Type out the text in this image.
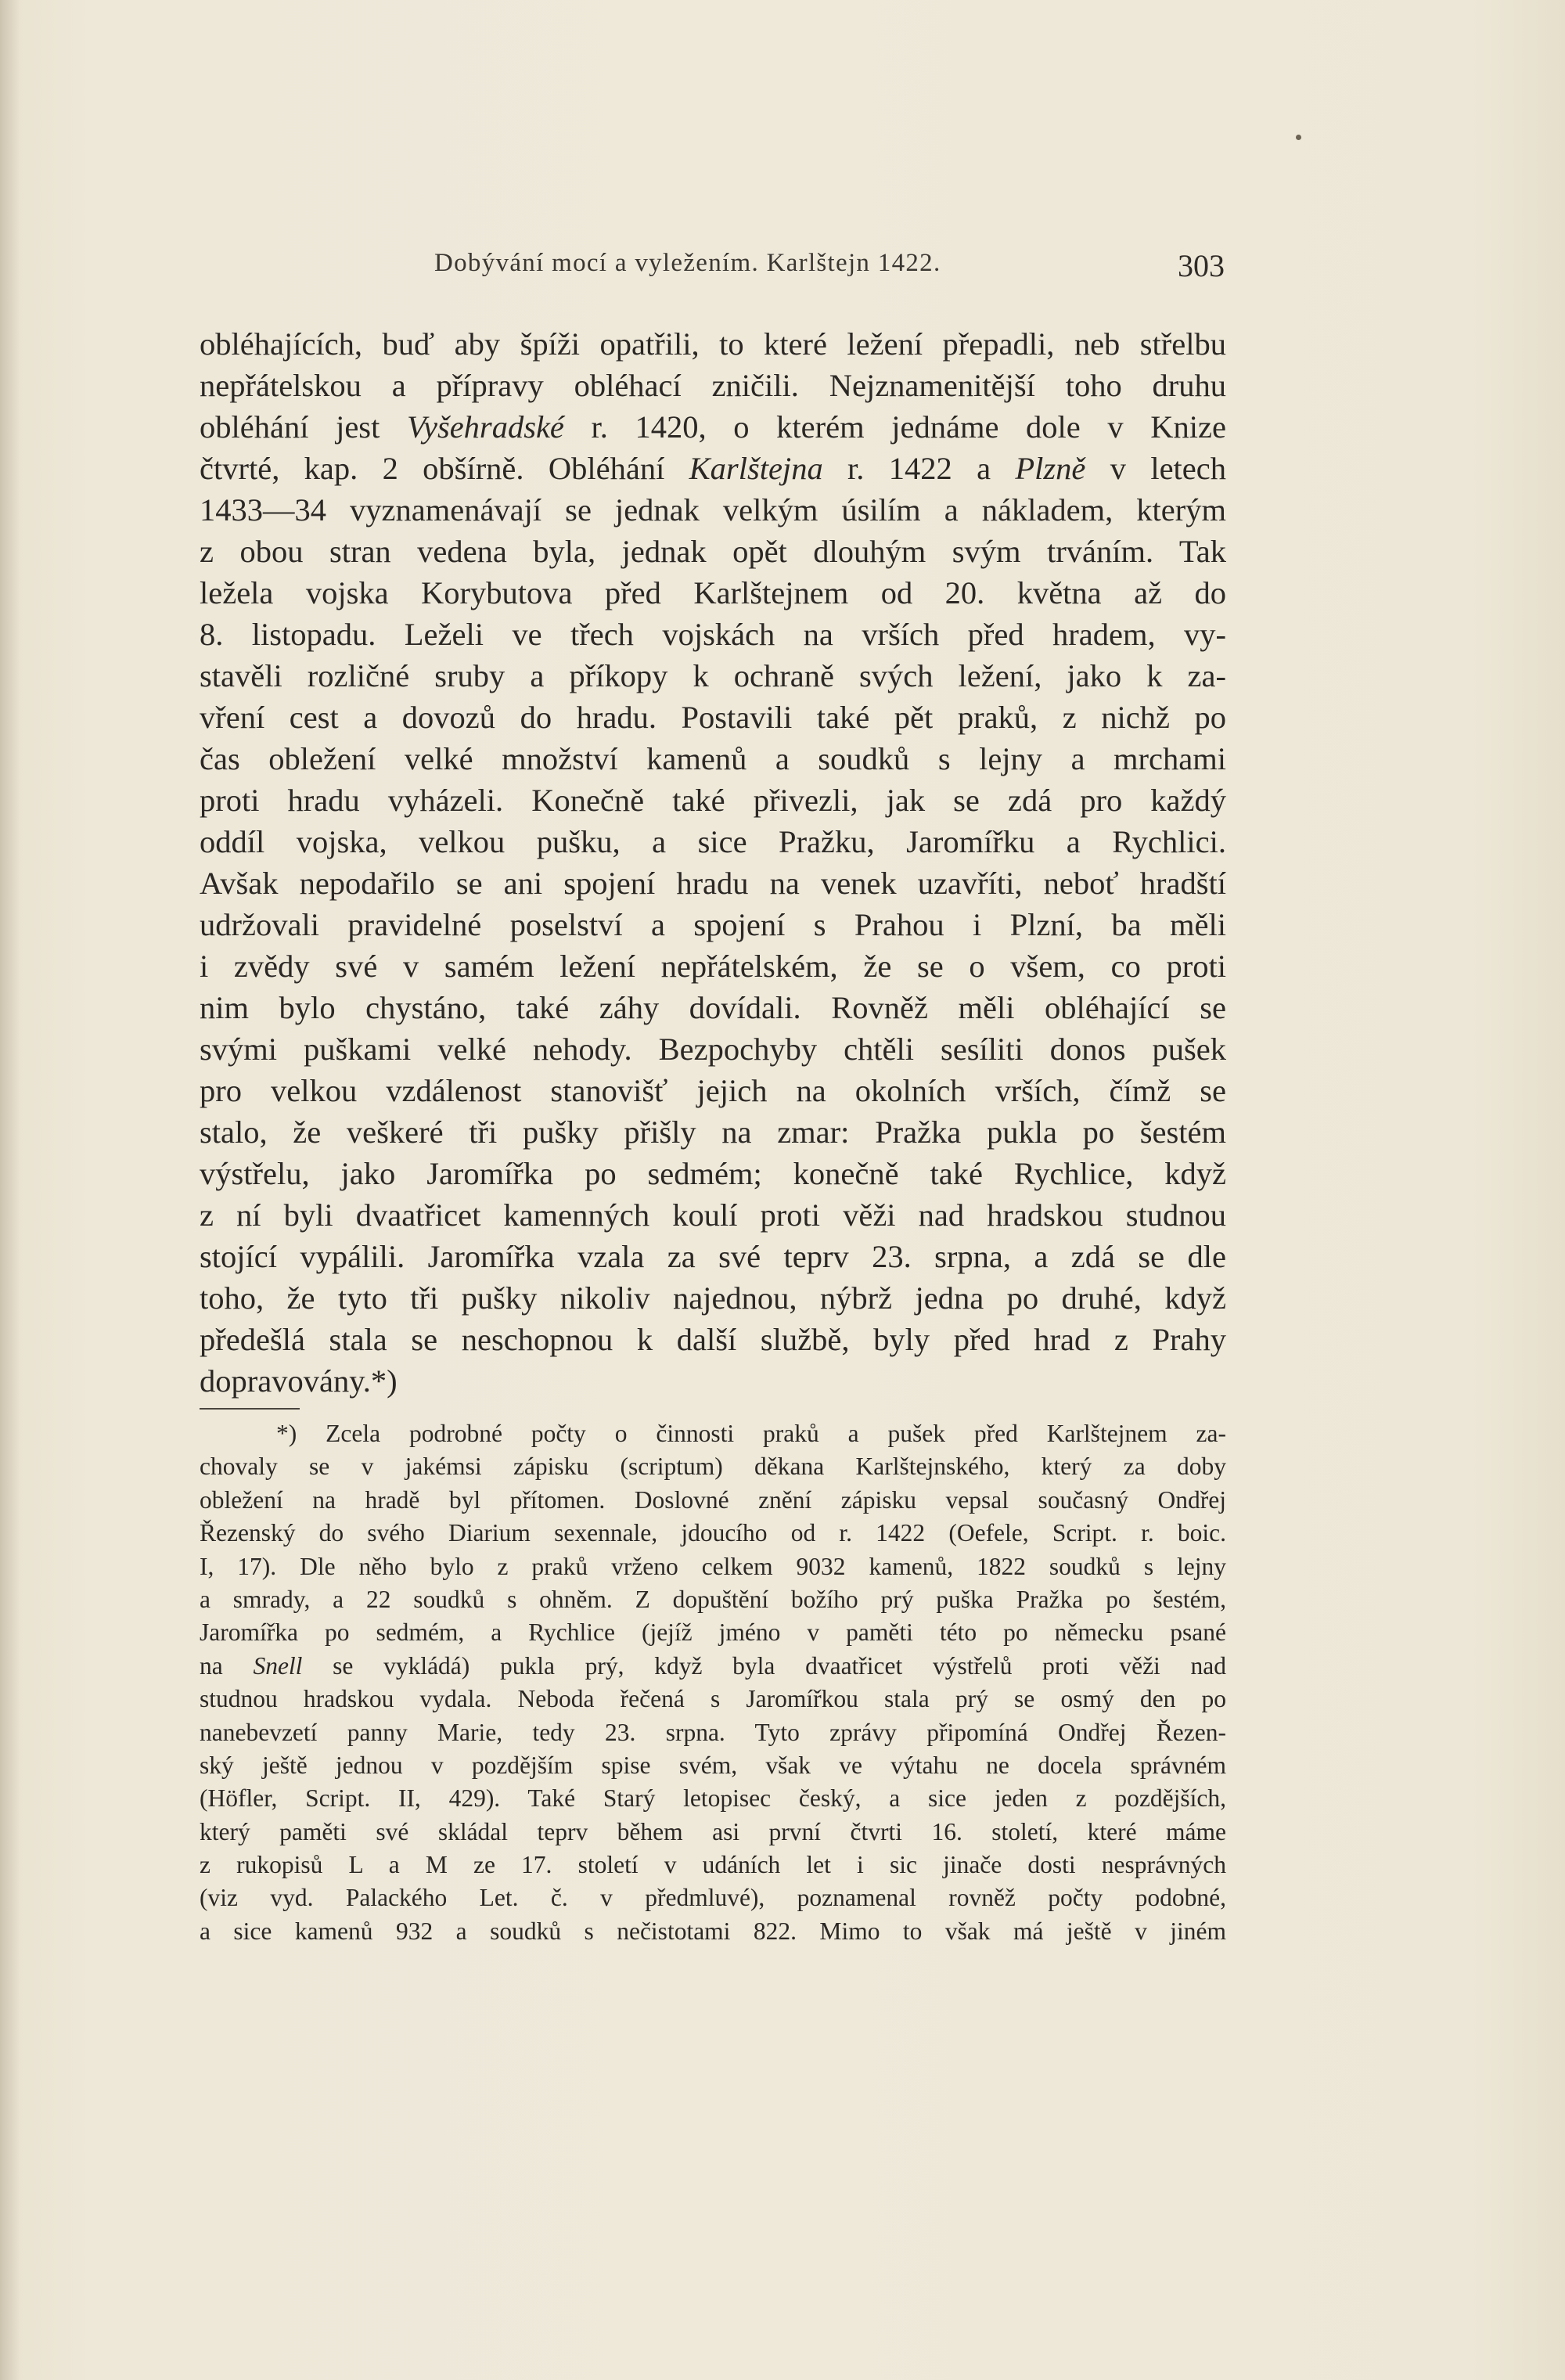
Dobývání mocí a vyležením. Karlštejn 1422.	303
obléhajících, buď aby špíži opatřili, to které ležení přepadli, neb střelbu
nepřátelskou a přípravy obléhací zničili. Nejznamenitější toho druhu
obléhání jest Vyšehradské r. 1420, o kterém jednáme dole v Knize
čtvrté, kap. 2 obšírně. Obléhání Karlštejna r. 1422 a Plzně v letech
1433—34 vyznamenávají se jednak velkým úsilím a nákladem, kterým
z obou stran vedena byla, jednak opět dlouhým svým trváním. Tak
ležela vojska Korybutova před Karlštejnem od 20. května až do
8. listopadu. Leželi ve třech vojskách na vrších před hradem, vy-
stavěli rozličné sruby a příkopy k ochraně svých ležení, jako k za-
vření cest a dovozů do hradu. Postavili také pět praků, z nichž po
čas obležení velké množství kamenů a soudků s lejny a mrchami
proti hradu vyházeli. Konečně také přivezli, jak se zdá pro každý
oddíl vojska, velkou pušku, a sice Pražku, Jaromířku a Rychlici.
Avšak nepodařilo se ani spojení hradu na venek uzavříti, neboť hradští
udržovali pravidelné poselství a spojení s Prahou i Plzní, ba měli
i zvědy své v samém ležení nepřátelském, že se o všem, co proti
nim bylo chystáno, také záhy dovídali. Rovněž měli obléhající se
svými puškami velké nehody. Bezpochyby chtěli sesíliti donos pušek
pro velkou vzdálenost stanovišť jejich na okolních vrších, čímž se
stalo, že veškeré tři pušky přišly na zmar: Pražka pukla po šestém
výstřelu, jako Jaromířka po sedmém; konečně také Rychlice, když
z ní byli dvaatřicet kamenných koulí proti věži nad hradskou studnou
stojící vypálili. Jaromířka vzala za své teprv 23. srpna, a zdá se dle
toho, že tyto tři pušky nikoliv najednou, nýbrž jedna po druhé, když
předešlá stala se neschopnou k další službě, byly před hrad z Prahy
dopravovány.*)
*) Zcela podrobné počty o činnosti praků a pušek před Karlštejnem za-
chovaly se v jakémsi zápisku (scriptum) děkana Karlštejnského, který za doby
obležení na hradě byl přítomen. Doslovné znění zápisku vepsal současný Ondřej
Řezenský do svého Diarium sexennale, jdoucího od r. 1422 (Oefele, Script. r. boic.
I, 17). Dle něho bylo z praků vrženo celkem 9032 kamenů, 1822 soudků s lejny
a smrady, a 22 soudků s ohněm. Z dopuštění božího prý puška Pražka po šestém,
Jaromířka po sedmém, a Rychlice (jejíž jméno v paměti této po německu psané
na Snell se vykládá) pukla prý, když byla dvaatřicet výstřelů proti věži nad
studnou hradskou vydala. Neboda řečená s Jaromířkou stala prý se osmý den po
nanebevzetí panny Marie, tedy 23. srpna. Tyto zprávy připomíná Ondřej Řezen-
ský ještě jednou v pozdějším spise svém, však ve výtahu ne docela správném
(Höfler, Script. II, 429). Také Starý letopisec český, a sice jeden z pozdějších,
který paměti své skládal teprv během asi první čtvrti 16. století, které máme
z rukopisů L a M ze 17. století v udáních let i sic jinače dosti nesprávných
(viz vyd. Palackého Let. č. v předmluvé), poznamenal rovněž počty podobné,
a sice kamenů 932 a soudků s nečistotami 822. Mimo to však má ještě v jiném
